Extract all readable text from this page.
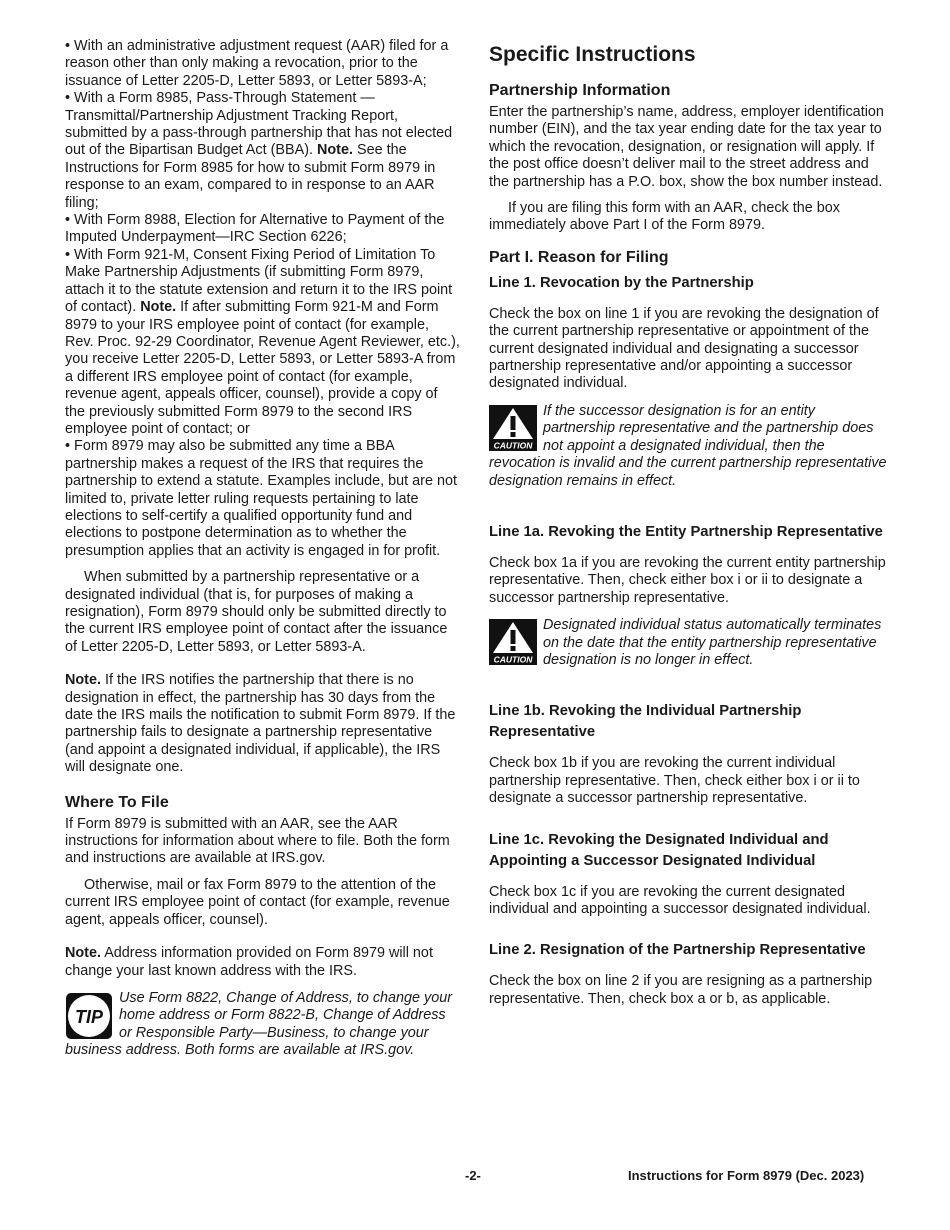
• With an administrative adjustment request (AAR) filed for a reason other than only making a revocation, prior to the issuance of Letter 2205-D, Letter 5893, or Letter 5893-A;

• With a Form 8985, Pass-Through Statement — Transmittal/Partnership Adjustment Tracking Report, submitted by a pass-through partnership that has not elected out of the Bipartisan Budget Act (BBA). Note. See the Instructions for Form 8985 for how to submit Form 8979 in response to an exam, compared to in response to an AAR filing;

• With Form 8988, Election for Alternative to Payment of the Imputed Underpayment—IRC Section 6226;

• With Form 921-M, Consent Fixing Period of Limitation To Make Partnership Adjustments (if submitting Form 8979, attach it to the statute extension and return it to the IRS point of contact). Note. If after submitting Form 921-M and Form 8979 to your IRS employee point of contact (for example, Rev. Proc. 92-29 Coordinator, Revenue Agent Reviewer, etc.), you receive Letter 2205-D, Letter 5893, or Letter 5893-A from a different IRS employee point of contact (for example, revenue agent, appeals officer, counsel), provide a copy of the previously submitted Form 8979 to the second IRS employee point of contact; or

• Form 8979 may also be submitted any time a BBA partnership makes a request of the IRS that requires the partnership to extend a statute. Examples include, but are not limited to, private letter ruling requests pertaining to late elections to self-certify a qualified opportunity fund and elections to postpone determination as to whether the presumption applies that an activity is engaged in for profit.

When submitted by a partnership representative or a designated individual (that is, for purposes of making a resignation), Form 8979 should only be submitted directly to the current IRS employee point of contact after the issuance of Letter 2205-D, Letter 5893, or Letter 5893-A.

Note. If the IRS notifies the partnership that there is no designation in effect, the partnership has 30 days from the date the IRS mails the notification to submit Form 8979. If the partnership fails to designate a partnership representative (and appoint a designated individual, if applicable), the IRS will designate one.

Where To File

If Form 8979 is submitted with an AAR, see the AAR instructions for information about where to file. Both the form and instructions are available at IRS.gov.

Otherwise, mail or fax Form 8979 to the attention of the current IRS employee point of contact (for example, revenue agent, appeals officer, counsel).

Note. Address information provided on Form 8979 will not change your last known address with the IRS.

TIP
Use Form 8822, Change of Address, to change your home address or Form 8822-B, Change of Address or Responsible Party—Business, to change your business address. Both forms are available at IRS.gov.
Specific Instructions
Partnership Information

Enter the partnership’s name, address, employer identification number (EIN), and the tax year ending date for the tax year to which the revocation, designation, or resignation will apply. If the post office doesn’t deliver mail to the street address and the partnership has a P.O. box, show the box number instead.

If you are filing this form with an AAR, check the box immediately above Part I of the Form 8979.

Part I. Reason for Filing
Line 1. Revocation by the Partnership

Check the box on line 1 if you are revoking the designation of the current partnership representative or appointment of the current designated individual and designating a successor partnership representative and/or appointing a successor designated individual.

CAUTION
If the successor designation is for an entity partnership representative and the partnership does not appoint a designated individual, then the revocation is invalid and the current partnership representative designation remains in effect.
Line 1a. Revoking the Entity Partnership Representative

Check box 1a if you are revoking the current entity partnership representative. Then, check either box i or ii to designate a successor partnership representative.

CAUTION
Designated individual status automatically terminates on the date that the entity partnership representative designation is no longer in effect.
Line 1b. Revoking the Individual Partnership Representative

Check box 1b if you are revoking the current individual partnership representative. Then, check either box i or ii to designate a successor partnership representative.

Line 1c. Revoking the Designated Individual and Appointing a Successor Designated Individual

Check box 1c if you are revoking the current designated individual and appointing a successor designated individual.

Line 2. Resignation of the Partnership Representative

Check the box on line 2 if you are resigning as a partnership representative. Then, check box a or b, as applicable.

-2-	Instructions for Form 8979 (Dec. 2023)
